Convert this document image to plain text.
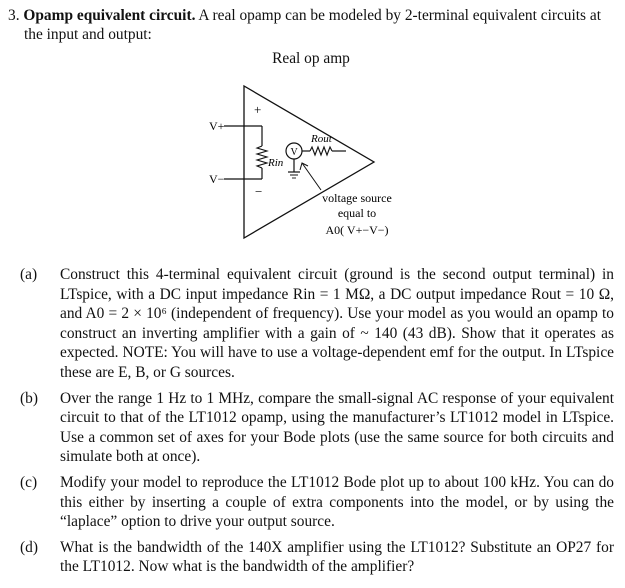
3. Opamp equivalent circuit. A real opamp can be modeled by 2-terminal equivalent circuits at the input and output:
Real op amp
V+
V−
+
−
Rin
Rout
V
voltage source
equal to
A0( V+−V−)
(a) Construct this 4-terminal equivalent circuit (ground is the second output terminal) in LTspice, with a DC input impedance Rin = 1 MΩ, a DC output impedance Rout = 10 Ω, and A0 = 2 × 10⁶ (independent of frequency). Use your model as you would an opamp to construct an inverting amplifier with a gain of ~ 140 (43 dB). Show that it operates as expected. NOTE: You will have to use a voltage-dependent emf for the output. In LTspice these are E, B, or G sources.

(b) Over the range 1 Hz to 1 MHz, compare the small-signal AC response of your equivalent circuit to that of the LT1012 opamp, using the manufacturer’s LT1012 model in LTspice. Use a common set of axes for your Bode plots (use the same source for both circuits and simulate both at once).

(c) Modify your model to reproduce the LT1012 Bode plot up to about 100 kHz. You can do this either by inserting a couple of extra components into the model, or by using the “laplace” option to drive your output source.

(d) What is the bandwidth of the 140X amplifier using the LT1012? Substitute an OP27 for the LT1012. Now what is the bandwidth of the amplifier?
